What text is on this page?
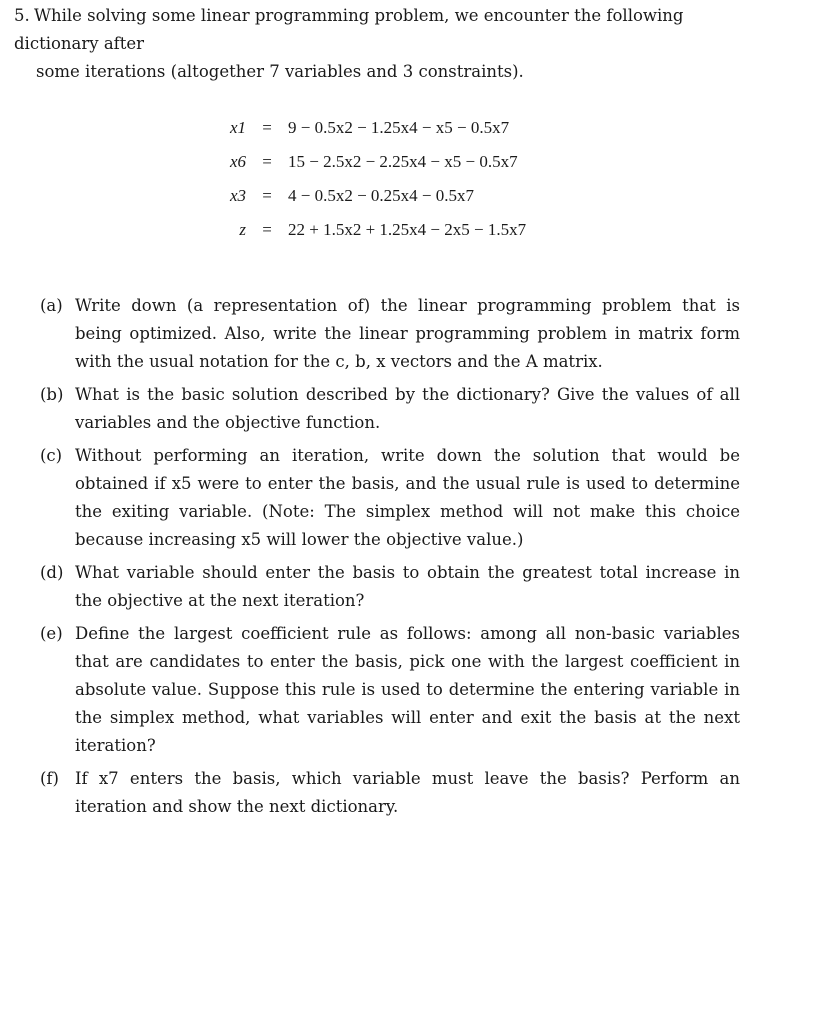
5. While solving some linear programming problem, we encounter the following dictionary after
some iterations (altogether 7 variables and 3 constraints).
x1 = 9 − 0.5x2 − 1.25x4 − x5 − 0.5x7
x6 = 15 − 2.5x2 − 2.25x4 − x5 − 0.5x7
x3 = 4 − 0.5x2 − 0.25x4 − 0.5x7
z = 22 + 1.5x2 + 1.25x4 − 2x5 − 1.5x7
(a) Write down (a representation of) the linear programming problem that is being optimized. Also, write the linear programming problem in matrix form with the usual notation for the c, b, x vectors and the A matrix.
(b) What is the basic solution described by the dictionary? Give the values of all variables and the objective function.
(c) Without performing an iteration, write down the solution that would be obtained if x5 were to enter the basis, and the usual rule is used to determine the exiting variable. (Note: The simplex method will not make this choice because increasing x5 will lower the objective value.)
(d) What variable should enter the basis to obtain the greatest total increase in the objective at the next iteration?
(e) Define the largest coefficient rule as follows: among all non-basic variables that are candidates to enter the basis, pick one with the largest coefficient in absolute value. Suppose this rule is used to determine the entering variable in the simplex method, what variables will enter and exit the basis at the next iteration?
(f) If x7 enters the basis, which variable must leave the basis? Perform an iteration and show the next dictionary.
